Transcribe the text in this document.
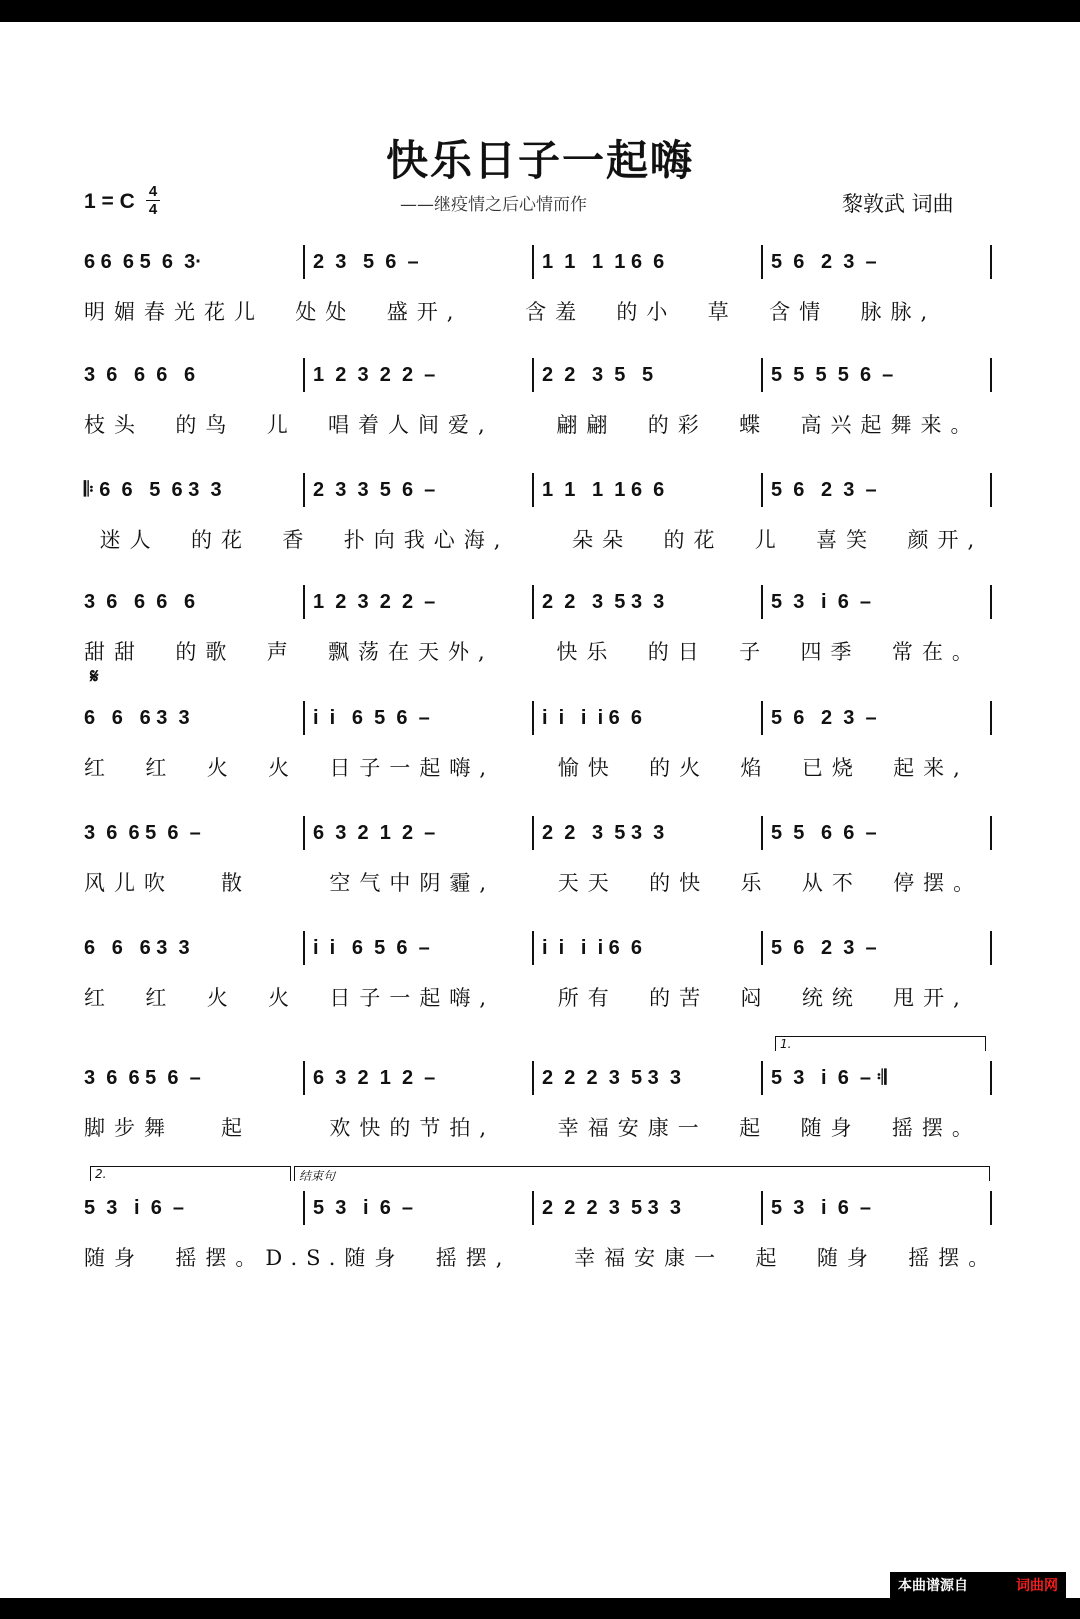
快乐日子一起嗨
1 = C 4
4	——继疫情之后心情而作	黎敦武 词曲
𝄋
6 6  6 5  6  3·	2  3   5  6  –	1  1   1  1 6  6	5  6   2  3  –
明媚春光花儿  处处  盛开,    含羞  的小  草  含情  脉脉,
3  6   6  6   6	1  2  3  2  2  –	2  2   3  5   5	5  5  5  5  6  –
枝头  的鸟  儿  唱着人间爱,    翩翩  的彩  蝶  高兴起舞来。
𝄆 6  6   5  6 3  3	2  3  3  5  6  –	1  1   1  1 6  6	5  6   2  3  –
迷人  的花  香  扑向我心海,    朵朵  的花  儿  喜笑  颜开,
3  6   6  6   6	1  2  3  2  2  –	2  2   3  5 3  3	5  3   i  6  –
甜甜  的歌  声  飘荡在天外,    快乐  的日  子  四季  常在。
6   6   6 3  3	i  i   6  5  6  –	i  i   i  i 6  6	5  6   2  3  –
红  红  火  火  日子一起嗨,    愉快  的火  焰  已烧  起来,
3  6  6 5  6  –	6  3  2  1  2  –	2  2   3  5 3  3	5  5   6  6  –
风儿吹   散     空气中阴霾,    天天  的快  乐  从不  停摆。
6   6   6 3  3	i  i   6  5  6  –	i  i   i  i 6  6	5  6   2  3  –
红  红  火  火  日子一起嗨,    所有  的苦  闷  统统  甩开,
3  6  6 5  6  –	6  3  2  1  2  –	2  2  2  3  5 3  3	5  3   i  6  – 𝄇
脚步舞   起     欢快的节拍,    幸福安康一  起  随身  摇摆。
5  3   i  6  –	5  3   i  6  –	2  2  2  3  5 3  3	5  3   i  6  –
随身  摇摆。D.S.随身  摇摆,    幸福安康一  起  随身  摇摆。
1.
2.	结束句
本曲谱源自	词曲网
